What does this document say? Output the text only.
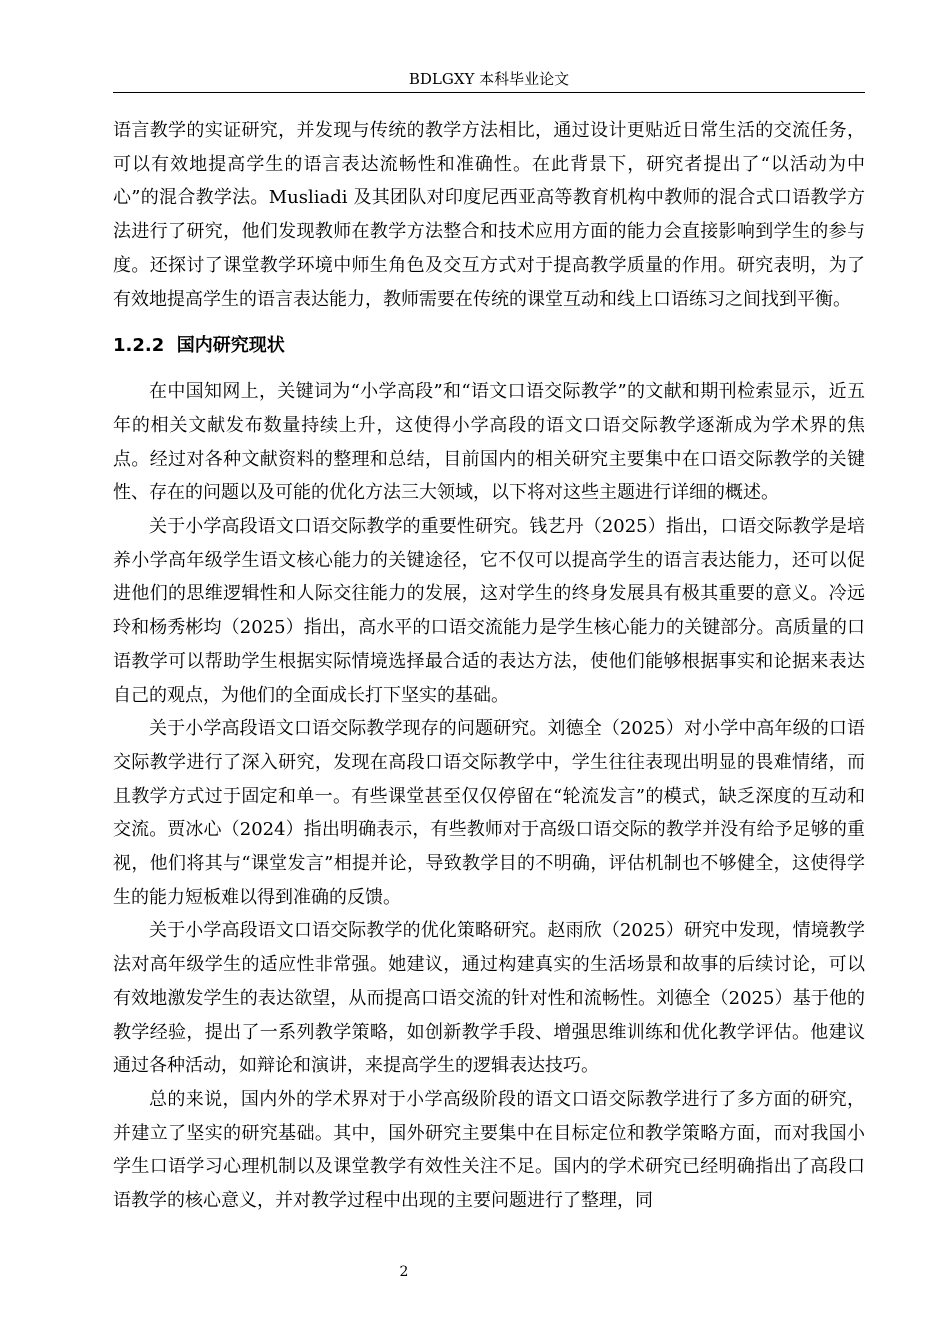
BDLGXY 本科毕业论文

语言教学的实证研究，并发现与传统的教学方法相比，通过设计更贴近日常生活的交流任务，可以有效地提高学生的语言表达流畅性和准确性。在此背景下，研究者提出了“以活动为中心”的混合教学法。Musliadi 及其团队对印度尼西亚高等教育机构中教师的混合式口语教学方法进行了研究，他们发现教师在教学方法整合和技术应用方面的能力会直接影响到学生的参与度。还探讨了课堂教学环境中师生角色及交互方式对于提高教学质量的作用。研究表明，为了有效地提高学生的语言表达能力，教师需要在传统的课堂互动和线上口语练习之间找到平衡。

1.2.2 国内研究现状

在中国知网上，关键词为“小学高段”和“语文口语交际教学”的文献和期刊检索显示，近五年的相关文献发布数量持续上升，这使得小学高段的语文口语交际教学逐渐成为学术界的焦点。经过对各种文献资料的整理和总结，目前国内的相关研究主要集中在口语交际教学的关键性、存在的问题以及可能的优化方法三大领域，以下将对这些主题进行详细的概述。

关于小学高段语文口语交际教学的重要性研究。钱艺丹（2025）指出，口语交际教学是培养小学高年级学生语文核心能力的关键途径，它不仅可以提高学生的语言表达能力，还可以促进他们的思维逻辑性和人际交往能力的发展，这对学生的终身发展具有极其重要的意义。冷远玲和杨秀彬均（2025）指出，高水平的口语交流能力是学生核心能力的关键部分。高质量的口语教学可以帮助学生根据实际情境选择最合适的表达方法，使他们能够根据事实和论据来表达自己的观点，为他们的全面成长打下坚实的基础。

关于小学高段语文口语交际教学现存的问题研究。刘德全（2025）对小学中高年级的口语交际教学进行了深入研究，发现在高段口语交际教学中，学生往往表现出明显的畏难情绪，而且教学方式过于固定和单一。有些课堂甚至仅仅停留在“轮流发言”的模式，缺乏深度的互动和交流。贾冰心（2024）指出明确表示，有些教师对于高级口语交际的教学并没有给予足够的重视，他们将其与“课堂发言”相提并论，导致教学目的不明确，评估机制也不够健全，这使得学生的能力短板难以得到准确的反馈。

关于小学高段语文口语交际教学的优化策略研究。赵雨欣（2025）研究中发现，情境教学法对高年级学生的适应性非常强。她建议，通过构建真实的生活场景和故事的后续讨论，可以有效地激发学生的表达欲望，从而提高口语交流的针对性和流畅性。刘德全（2025）基于他的教学经验，提出了一系列教学策略，如创新教学手段、增强思维训练和优化教学评估。他建议通过各种活动，如辩论和演讲，来提高学生的逻辑表达技巧。

总的来说，国内外的学术界对于小学高级阶段的语文口语交际教学进行了多方面的研究，并建立了坚实的研究基础。其中，国外研究主要集中在目标定位和教学策略方面，而对我国小学生口语学习心理机制以及课堂教学有效性关注不足。国内的学术研究已经明确指出了高段口语教学的核心意义，并对教学过程中出现的主要问题进行了整理，同

2
